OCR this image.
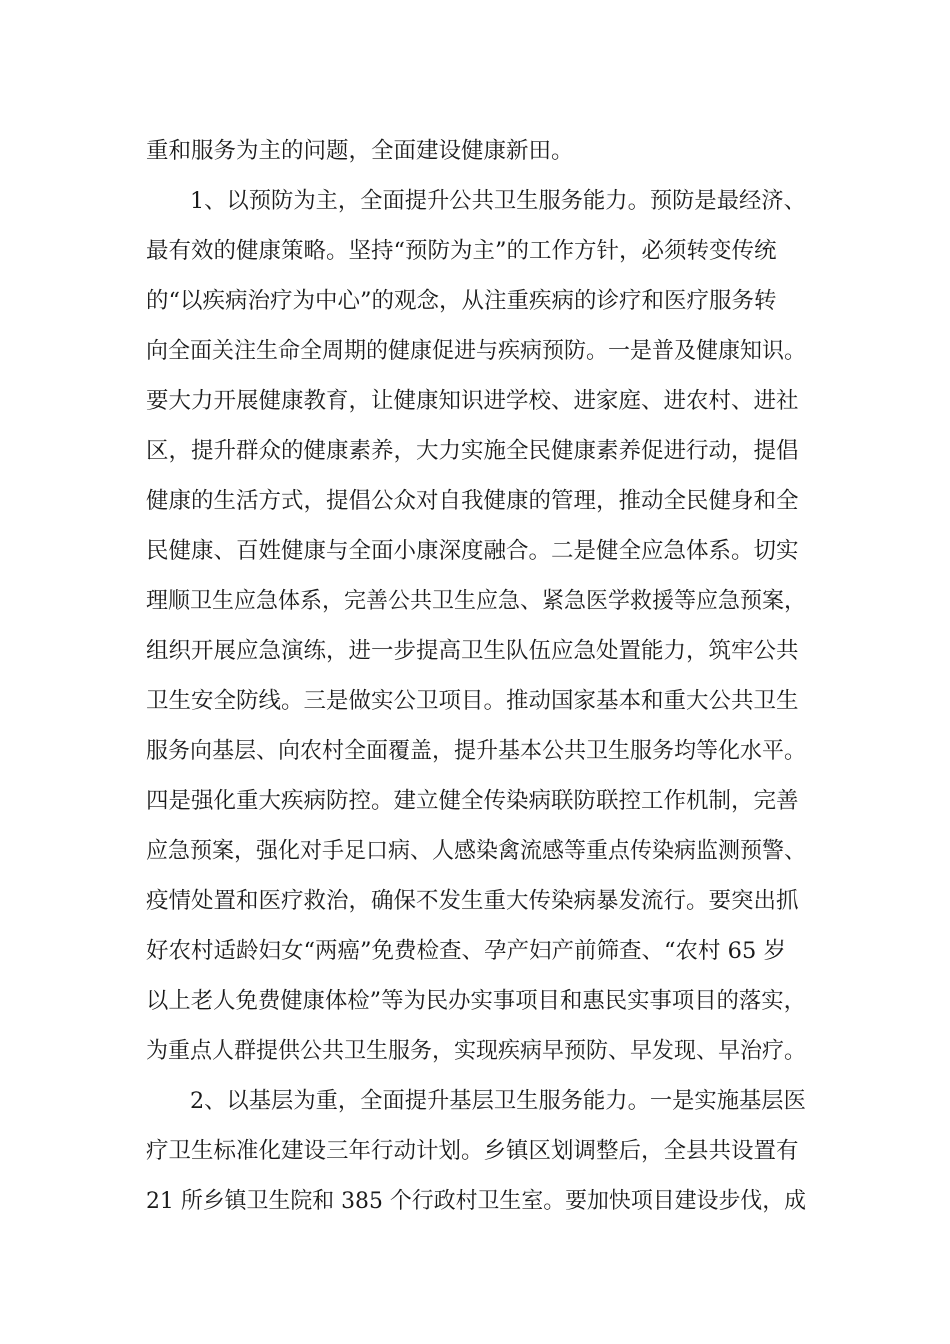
重和服务为主的问题，全面建设健康新田。
1、以预防为主，全面提升公共卫生服务能力。预防是最经济、
最有效的健康策略。坚持“预防为主”的工作方针，必须转变传统
的“以疾病治疗为中心”的观念，从注重疾病的诊疗和医疗服务转
向全面关注生命全周期的健康促进与疾病预防。一是普及健康知识。
要大力开展健康教育，让健康知识进学校、进家庭、进农村、进社
区，提升群众的健康素养，大力实施全民健康素养促进行动，提倡
健康的生活方式，提倡公众对自我健康的管理，推动全民健身和全
民健康、百姓健康与全面小康深度融合。二是健全应急体系。切实
理顺卫生应急体系，完善公共卫生应急、紧急医学救援等应急预案，
组织开展应急演练，进一步提高卫生队伍应急处置能力，筑牢公共
卫生安全防线。三是做实公卫项目。推动国家基本和重大公共卫生
服务向基层、向农村全面覆盖，提升基本公共卫生服务均等化水平。
四是强化重大疾病防控。建立健全传染病联防联控工作机制，完善
应急预案，强化对手足口病、人感染禽流感等重点传染病监测预警、
疫情处置和医疗救治，确保不发生重大传染病暴发流行。要突出抓
好农村适龄妇女“两癌”免费检查、孕产妇产前筛查、“农村 65 岁
以上老人免费健康体检”等为民办实事项目和惠民实事项目的落实，
为重点人群提供公共卫生服务，实现疾病早预防、早发现、早治疗。
2、以基层为重，全面提升基层卫生服务能力。一是实施基层医
疗卫生标准化建设三年行动计划。乡镇区划调整后，全县共设置有
21 所乡镇卫生院和 385 个行政村卫生室。要加快项目建设步伐，成
